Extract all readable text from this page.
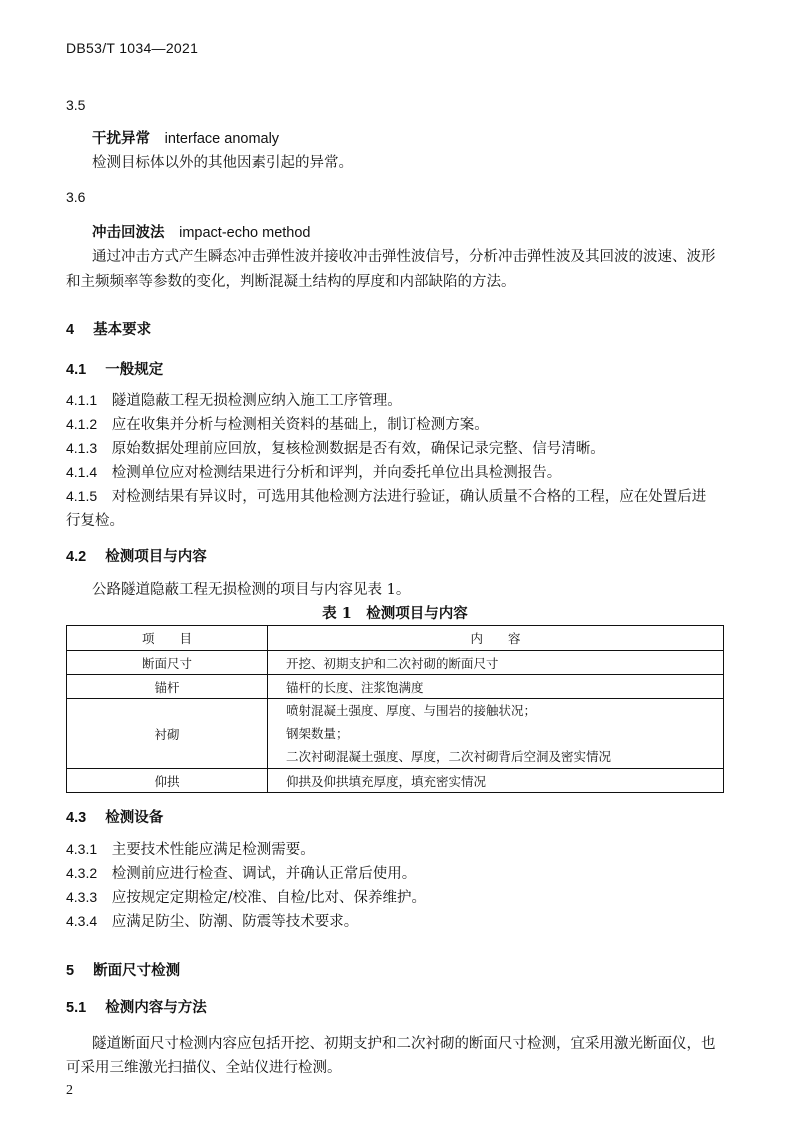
DB53/T 1034—2021
3.5
干扰异常 interface anomaly
检测目标体以外的其他因素引起的异常。
3.6
冲击回波法 impact-echo method
通过冲击方式产生瞬态冲击弹性波并接收冲击弹性波信号，分析冲击弹性波及其回波的波速、波形
和主频频率等参数的变化，判断混凝土结构的厚度和内部缺陷的方法。
4 基本要求
4.1 一般规定
4.1.1 隧道隐蔽工程无损检测应纳入施工工序管理。
4.1.2 应在收集并分析与检测相关资料的基础上，制订检测方案。
4.1.3 原始数据处理前应回放，复核检测数据是否有效，确保记录完整、信号清晰。
4.1.4 检测单位应对检测结果进行分析和评判，并向委托单位出具检测报告。
4.1.5 对检测结果有异议时，可选用其他检测方法进行验证，确认质量不合格的工程，应在处置后进
行复检。
4.2 检测项目与内容
公路隧道隐蔽工程无损检测的项目与内容见表 1。
表 1　检测项目与内容
项　　目	内　　容
断面尺寸	开挖、初期支护和二次衬砌的断面尺寸
锚杆	锚杆的长度、注浆饱满度
衬砌	喷射混凝土强度、厚度、与围岩的接触状况；
钢架数量；
二次衬砌混凝土强度、厚度，二次衬砌背后空洞及密实情况

仰拱	仰拱及仰拱填充厚度，填充密实情况
4.3 检测设备
4.3.1 主要技术性能应满足检测需要。
4.3.2 检测前应进行检查、调试，并确认正常后使用。
4.3.3 应按规定定期检定/校准、自检/比对、保养维护。
4.3.4 应满足防尘、防潮、防震等技术要求。
5 断面尺寸检测
5.1 检测内容与方法
隧道断面尺寸检测内容应包括开挖、初期支护和二次衬砌的断面尺寸检测，宜采用激光断面仪，也
可采用三维激光扫描仪、全站仪进行检测。
2
